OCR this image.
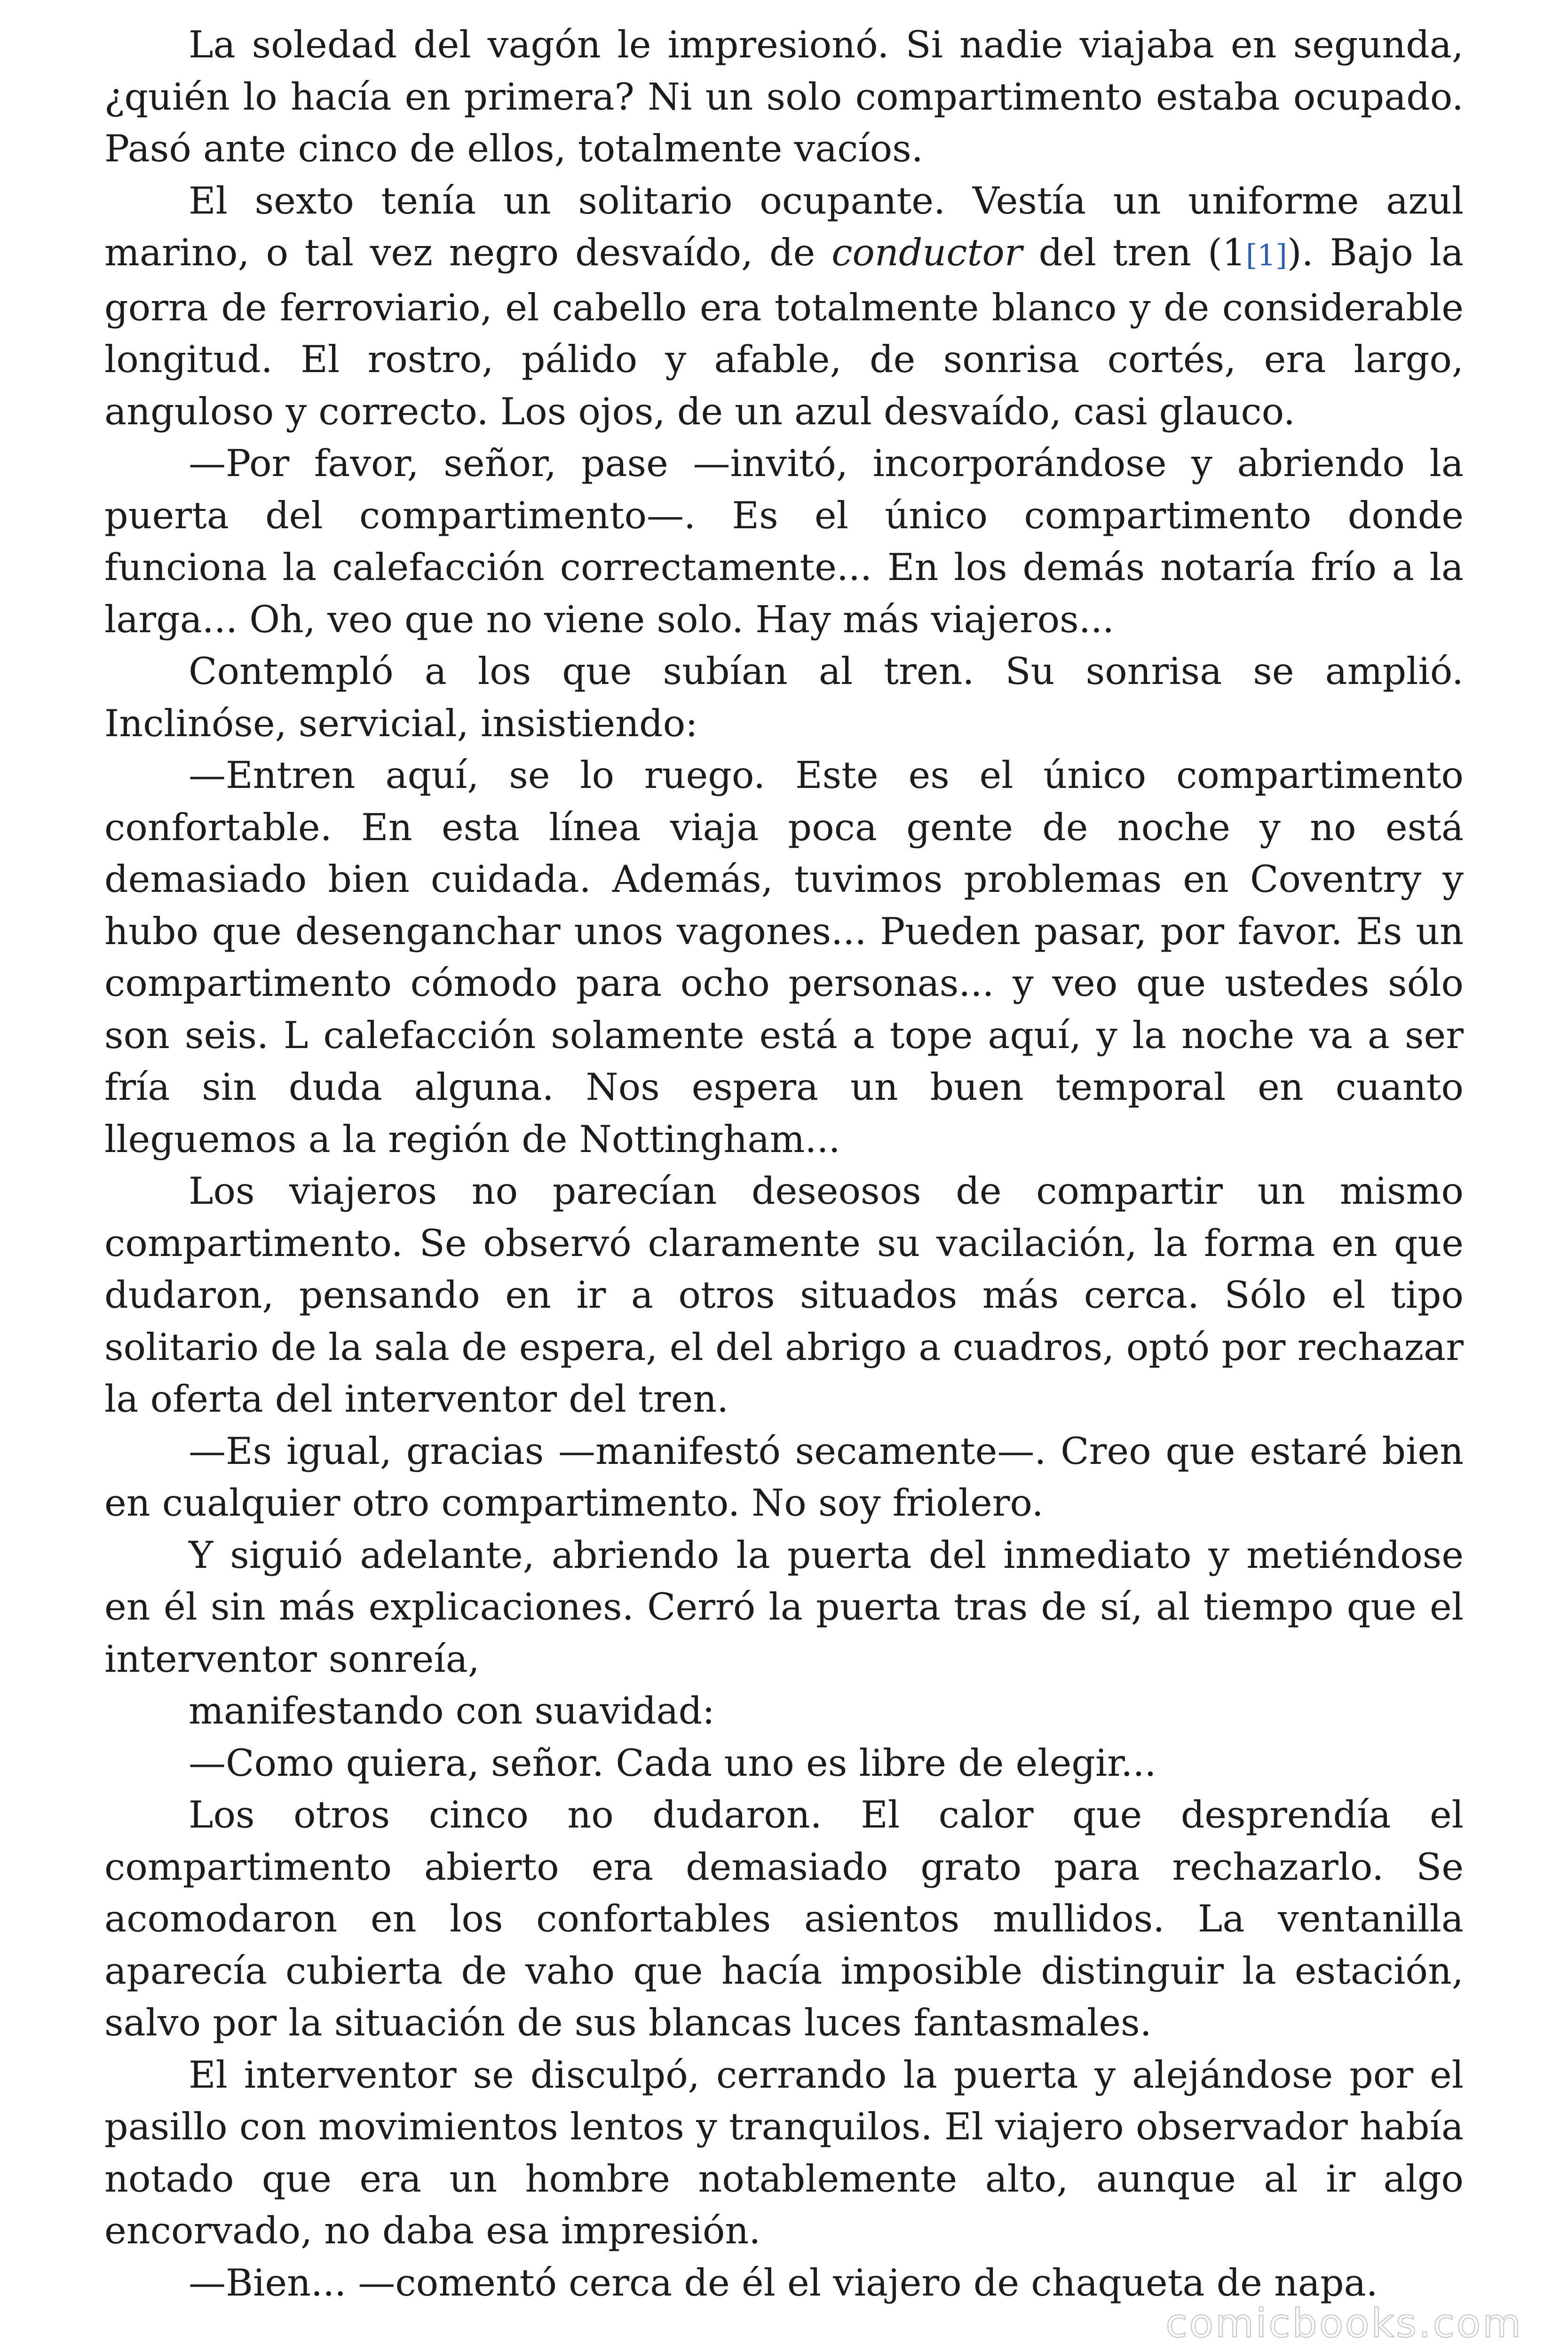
La soledad del vagón le impresionó. Si nadie viajaba en segunda, ¿quién lo hacía en primera? Ni un solo compartimento estaba ocupado. Pasó ante cinco de ellos, totalmente vacíos.

El sexto tenía un solitario ocupante. Vestía un uniforme azul marino, o tal vez negro desvaído, de conductor del tren (1[1]). Bajo la gorra de ferroviario, el cabello era totalmente blanco y de considerable longitud. El rostro, pálido y afable, de sonrisa cortés, era largo, anguloso y correcto. Los ojos, de un azul desvaído, casi glauco.

—Por favor, señor, pase —invitó, incorporándose y abriendo la puerta del compartimento—. Es el único compartimento donde funciona la calefacción correctamente... En los demás notaría frío a la larga... Oh, veo que no viene solo. Hay más viajeros...

Contempló a los que subían al tren. Su sonrisa se amplió. Inclinóse, servicial, insistiendo:

—Entren aquí, se lo ruego. Este es el único compartimento confortable. En esta línea viaja poca gente de noche y no está demasiado bien cuidada. Además, tuvimos problemas en Coventry y hubo que desenganchar unos vagones... Pueden pasar, por favor. Es un compartimento cómodo para ocho personas... y veo que ustedes sólo son seis. L calefacción solamente está a tope aquí, y la noche va a ser fría sin duda alguna. Nos espera un buen temporal en cuanto lleguemos a la región de Nottingham...

Los viajeros no parecían deseosos de compartir un mismo compartimento. Se observó claramente su vacilación, la forma en que dudaron, pensando en ir a otros situados más cerca. Sólo el tipo solitario de la sala de espera, el del abrigo a cuadros, optó por rechazar la oferta del interventor del tren.

—Es igual, gracias —manifestó secamente—. Creo que estaré bien en cualquier otro compartimento. No soy friolero.

Y siguió adelante, abriendo la puerta del inmediato y metiéndose en él sin más explicaciones. Cerró la puerta tras de sí, al tiempo que el interventor sonreía,

manifestando con suavidad:

—Como quiera, señor. Cada uno es libre de elegir...

Los otros cinco no dudaron. El calor que desprendía el compartimento abierto era demasiado grato para rechazarlo. Se acomodaron en los confortables asientos mullidos. La ventanilla aparecía cubierta de vaho que hacía imposible distinguir la estación, salvo por la situación de sus blancas luces fantasmales.

El interventor se disculpó, cerrando la puerta y alejándose por el pasillo con movimientos lentos y tranquilos. El viajero observador había notado que era un hombre notablemente alto, aunque al ir algo encorvado, no daba esa impresión.

—Bien... —comentó cerca de él el viajero de chaqueta de napa.

comicbooks.com
